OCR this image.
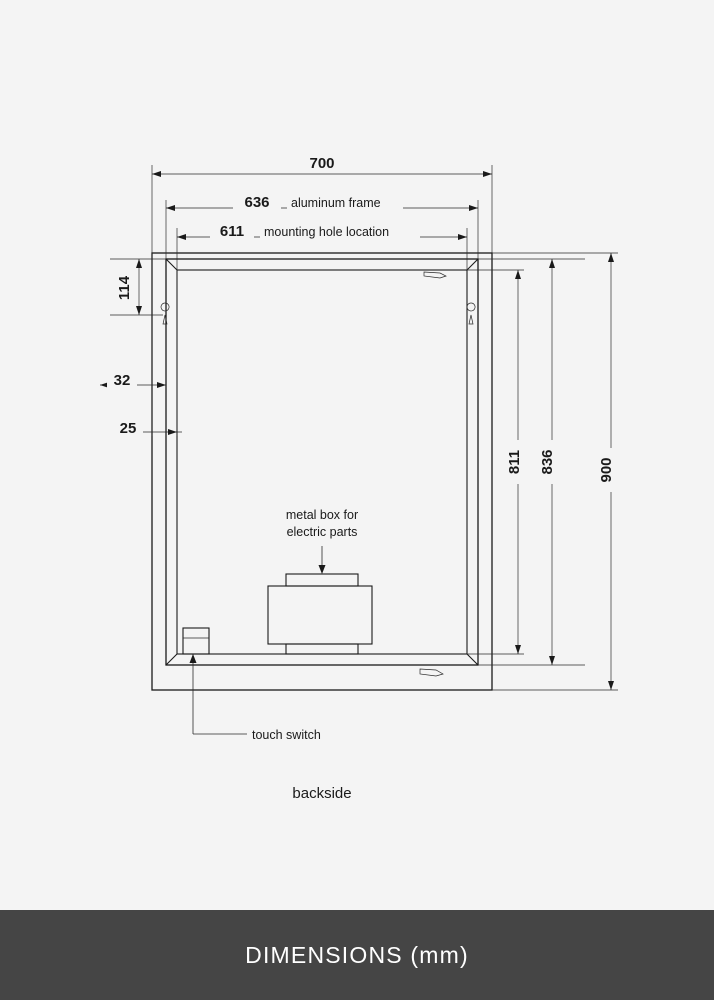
700
636 aluminum frame
611 mounting hole location
114
32
25
811 836	900
metal box for
electric parts
touch switch
backside
DIMENSIONS (mm)
